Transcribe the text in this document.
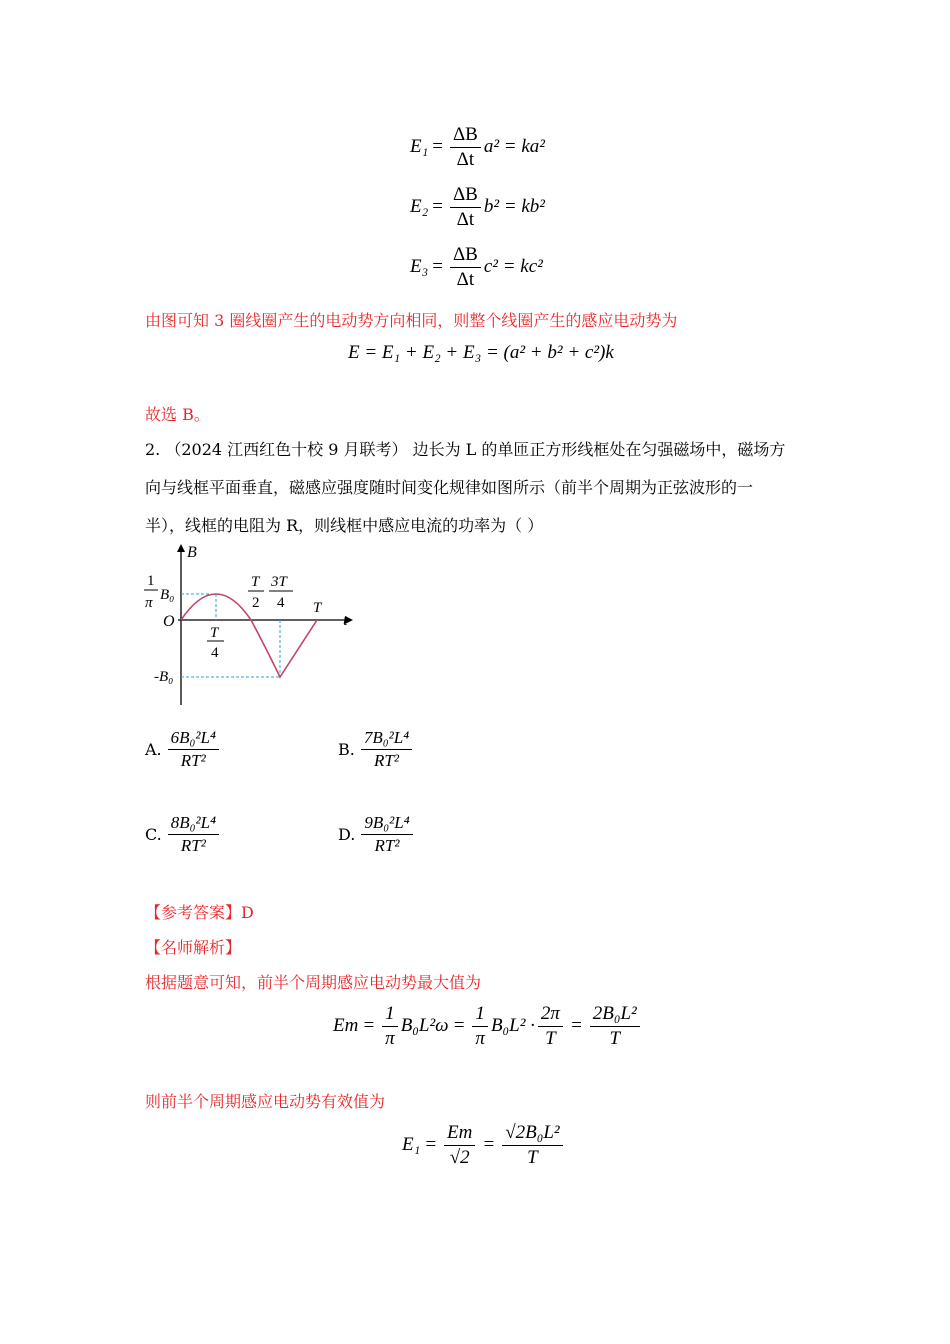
$E_1 = \frac{\Delta B}{\Delta t} a^2 = ka^2$
$E_2 = \frac{\Delta B}{\Delta t} b^2 = kb^2$
$E_3 = \frac{\Delta B}{\Delta t} c^2 = kc^2$
由图可知 3 圈线圈产生的电动势方向相同，则整个线圈产生的感应电动势为
E = E₁ + E₂ + E₃ = (a² + b² + c²)k
故选 B。
2. （2024 江西红色十校 9 月联考） 边长为 L 的单匝正方形线框处在匀强磁场中，磁场方
向与线框平面垂直，磁感应强度随时间变化规律如图所示（前半个周期为正弦波形的一
半），线框的电阻为 R，则线框中感应电流的功率为（ ）
B
t
O
1
π B₀
-B₀
T
4
T
2
3T
4 T
A. $\frac{\text{6B₀²L⁴}}{\text{RT²}}$	B. $\frac{\text{7B₀²L⁴}}{\text{RT²}}$
C. $\frac{\text{8B₀²L⁴}}{\text{RT²}}$	D. $\frac{\text{9B₀²L⁴}}{\text{RT²}}$
【参考答案】D
【名师解析】
根据题意可知，前半个周期感应电动势最大值为
$Em = \frac{1}{\pi} B_0L^2\omega = \frac{1}{\pi} B_0L^2 \cdot \frac{2\pi}{T} = \frac{\text{2B₀L²}}{T}$
则前半个周期感应电动势有效值为
$E_1 = \frac{Em}{√2} = \frac{\text{√2B₀L²}}{T}$
